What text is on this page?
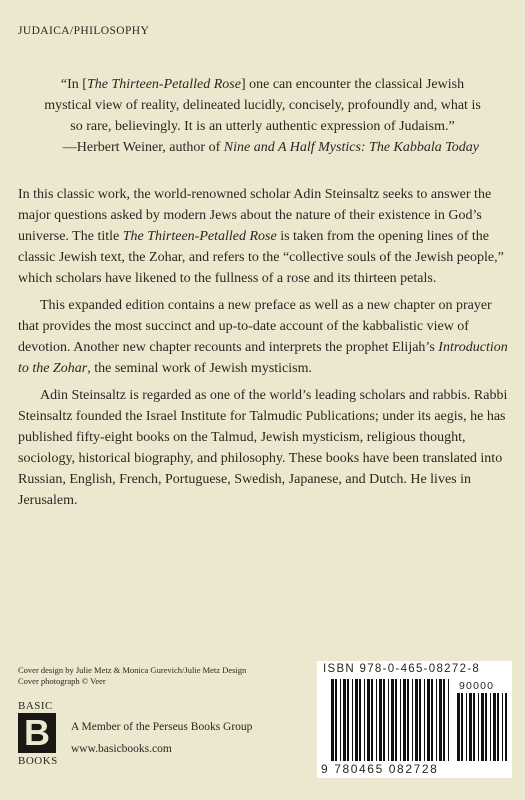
JUDAICA/PHILOSOPHY
“In [The Thirteen-Petalled Rose] one can encounter the classical Jewish mystical view of reality, delineated lucidly, concisely, profoundly and, what is so rare, believingly. It is an utterly authentic expression of Judaism.”
—Herbert Weiner, author of Nine and A Half Mystics: The Kabbala Today

In this classic work, the world-renowned scholar Adin Steinsaltz seeks to answer the major questions asked by modern Jews about the nature of their existence in God’s universe. The title The Thirteen-Petalled Rose is taken from the opening lines of the classic Jewish text, the Zohar, and refers to the “collective souls of the Jewish people,” which scholars have likened to the fullness of a rose and its thirteen petals.

This expanded edition contains a new preface as well as a new chapter on prayer that provides the most succinct and up-to-date account of the kabbalistic view of devotion. Another new chapter recounts and interprets the prophet Elijah’s Introduction to the Zohar, the seminal work of Jewish mysticism.

Adin Steinsaltz is regarded as one of the world’s leading scholars and rabbis. Rabbi Steinsaltz founded the Israel Institute for Talmudic Publications; under its aegis, he has published fifty-eight books on the Talmud, Jewish mysticism, religious thought, sociology, historical biography, and philosophy. These books have been translated into Russian, English, French, Portuguese, Swedish, Japanese, and Dutch. He lives in Jerusalem.

Cover design by Julie Metz & Monica Gurevich/Julie Metz Design
Cover photograph © Veer
BASIC
B
BOOKS
A Member of the Perseus Books Group
www.basicbooks.com
ISBN 978-0-465-08272-8
90000
9 780465 082728
